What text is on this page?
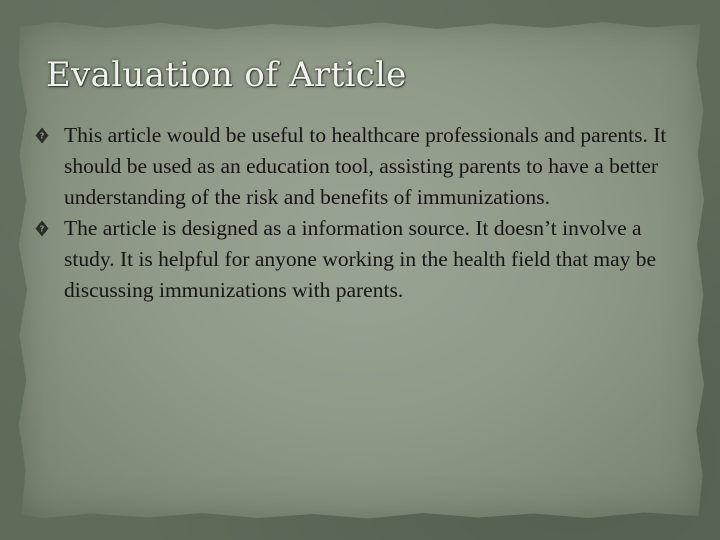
Evaluation of Article
? This article would be useful to healthcare professionals and parents. It should be used as an education tool, assisting parents to have a better understanding of the risk and benefits of immunizations.
? The article is designed as a information source. It doesn’t involve a study. It is helpful for anyone working in the health field that may be discussing immunizations with parents.
